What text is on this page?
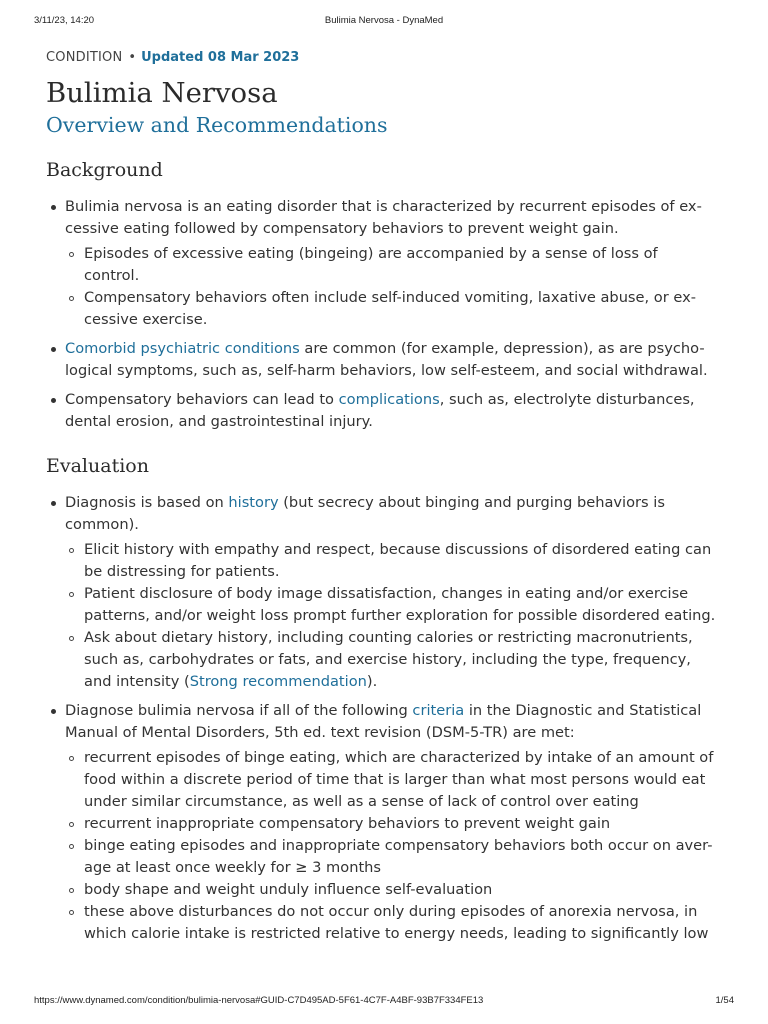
3/11/23, 14:20	Bulimia Nervosa - DynaMed
CONDITION • Updated 08 Mar 2023
Bulimia Nervosa
Overview and Recommendations
Background
Bulimia nervosa is an eating disorder that is characterized by recurrent episodes of ex-cessive eating followed by compensatory behaviors to prevent weight gain.
Episodes of excessive eating (bingeing) are accompanied by a sense of loss of control.
Compensatory behaviors often include self-induced vomiting, laxative abuse, or ex-cessive exercise.
Comorbid psychiatric conditions are common (for example, depression), as are psycho-logical symptoms, such as, self-harm behaviors, low self-esteem, and social withdrawal.
Compensatory behaviors can lead to complications, such as, electrolyte disturbances, dental erosion, and gastrointestinal injury.
Evaluation
Diagnosis is based on history (but secrecy about binging and purging behaviors is common).
Elicit history with empathy and respect, because discussions of disordered eating can be distressing for patients.
Patient disclosure of body image dissatisfaction, changes in eating and/or exercise patterns, and/or weight loss prompt further exploration for possible disordered eating.
Ask about dietary history, including counting calories or restricting macronutrients, such as, carbohydrates or fats, and exercise history, including the type, frequency, and intensity (Strong recommendation).
Diagnose bulimia nervosa if all of the following criteria in the Diagnostic and Statistical Manual of Mental Disorders, 5th ed. text revision (DSM-5-TR) are met:
recurrent episodes of binge eating, which are characterized by intake of an amount of food within a discrete period of time that is larger than what most persons would eat under similar circumstance, as well as a sense of lack of control over eating
recurrent inappropriate compensatory behaviors to prevent weight gain
binge eating episodes and inappropriate compensatory behaviors both occur on aver-age at least once weekly for ≥ 3 months
body shape and weight unduly influence self-evaluation
these above disturbances do not occur only during episodes of anorexia nervosa, in which calorie intake is restricted relative to energy needs, leading to significantly low
https://www.dynamed.com/condition/bulimia-nervosa#GUID-C7D495AD-5F61-4C7F-A4BF-93B7F334FE13	1/54
